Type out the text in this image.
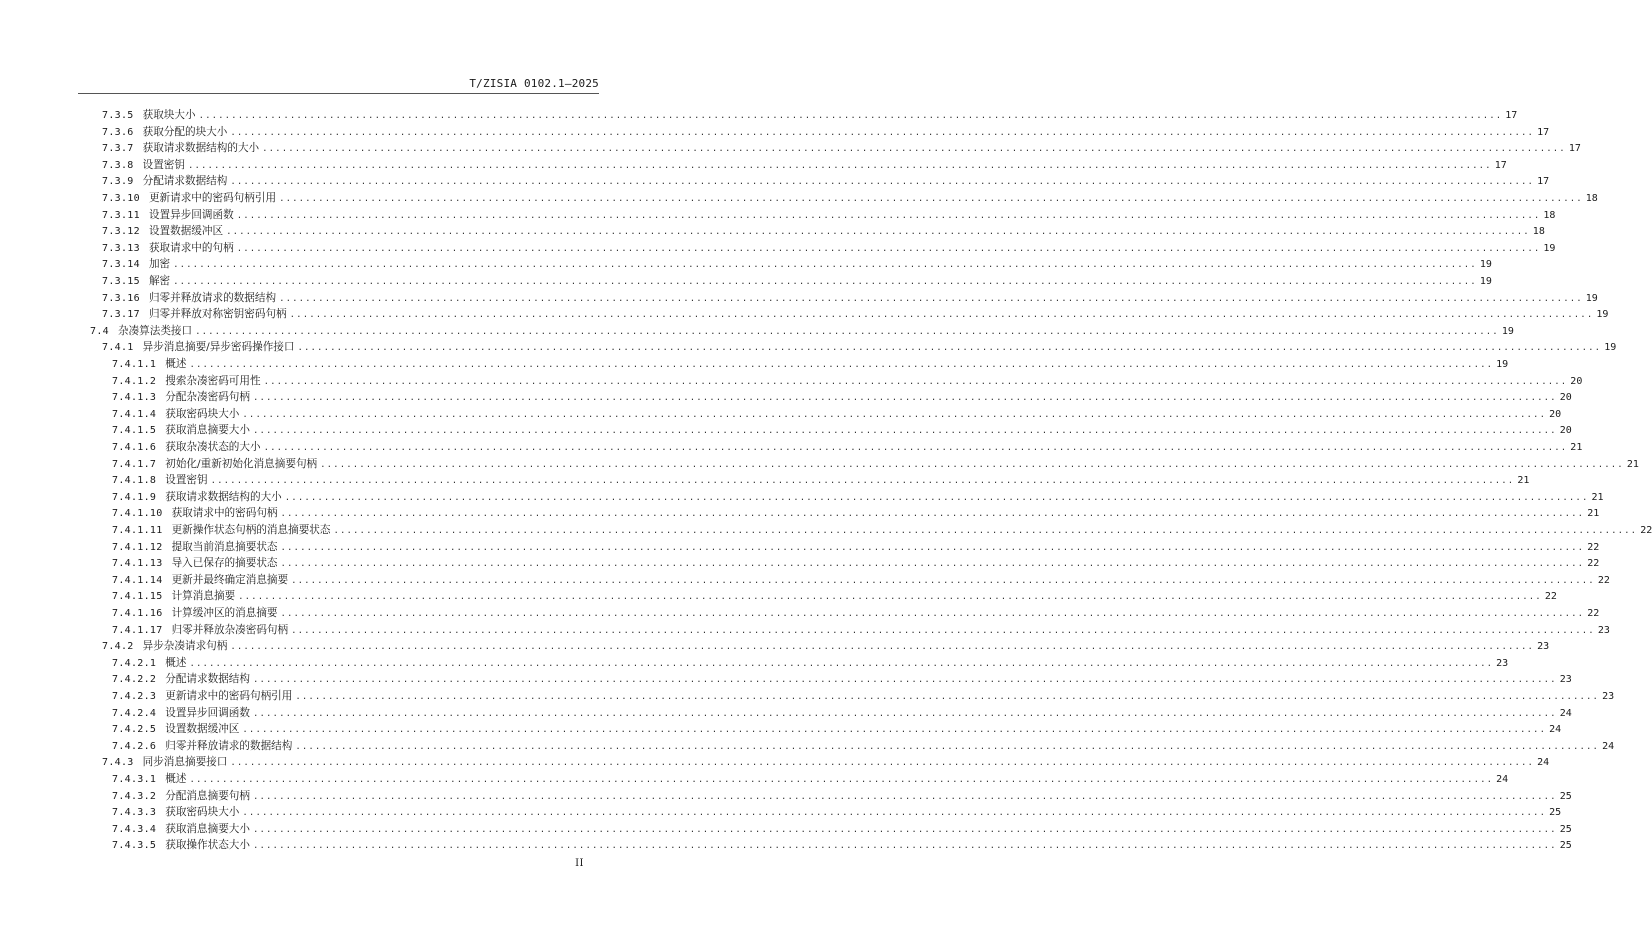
T/ZISIA 0102.1—2025
7.3.5 获取块大小 ........................................................................................................................................................................................................ 17
7.3.6 获取分配的块大小 ........................................................................................................................................................................................................ 17
7.3.7 获取请求数据结构的大小 ........................................................................................................................................................................................................ 17
7.3.8 设置密钥 ........................................................................................................................................................................................................ 17
7.3.9 分配请求数据结构 ........................................................................................................................................................................................................ 17
7.3.10 更新请求中的密码句柄引用 ........................................................................................................................................................................................................ 18
7.3.11 设置异步回调函数 ........................................................................................................................................................................................................ 18
7.3.12 设置数据缓冲区 ........................................................................................................................................................................................................ 18
7.3.13 获取请求中的句柄 ........................................................................................................................................................................................................ 19
7.3.14 加密 ........................................................................................................................................................................................................ 19
7.3.15 解密 ........................................................................................................................................................................................................ 19
7.3.16 归零并释放请求的数据结构 ........................................................................................................................................................................................................ 19
7.3.17 归零并释放对称密钥密码句柄 ........................................................................................................................................................................................................ 19
7.4 杂凑算法类接口 ........................................................................................................................................................................................................ 19
7.4.1 异步消息摘要/异步密码操作接口 ........................................................................................................................................................................................................ 19
7.4.1.1 概述 ........................................................................................................................................................................................................ 19
7.4.1.2 搜索杂凑密码可用性 ........................................................................................................................................................................................................ 20
7.4.1.3 分配杂凑密码句柄 ........................................................................................................................................................................................................ 20
7.4.1.4 获取密码块大小 ........................................................................................................................................................................................................ 20
7.4.1.5 获取消息摘要大小 ........................................................................................................................................................................................................ 20
7.4.1.6 获取杂凑状态的大小 ........................................................................................................................................................................................................ 21
7.4.1.7 初始化/重新初始化消息摘要句柄 ........................................................................................................................................................................................................ 21
7.4.1.8 设置密钥 ........................................................................................................................................................................................................ 21
7.4.1.9 获取请求数据结构的大小 ........................................................................................................................................................................................................ 21
7.4.1.10 获取请求中的密码句柄 ........................................................................................................................................................................................................ 21
7.4.1.11 更新操作状态句柄的消息摘要状态 ........................................................................................................................................................................................................ 22
7.4.1.12 提取当前消息摘要状态 ........................................................................................................................................................................................................ 22
7.4.1.13 导入已保存的摘要状态 ........................................................................................................................................................................................................ 22
7.4.1.14 更新并最终确定消息摘要 ........................................................................................................................................................................................................ 22
7.4.1.15 计算消息摘要 ........................................................................................................................................................................................................ 22
7.4.1.16 计算缓冲区的消息摘要 ........................................................................................................................................................................................................ 22
7.4.1.17 归零并释放杂凑密码句柄 ........................................................................................................................................................................................................ 23
7.4.2 异步杂凑请求句柄 ........................................................................................................................................................................................................ 23
7.4.2.1 概述 ........................................................................................................................................................................................................ 23
7.4.2.2 分配请求数据结构 ........................................................................................................................................................................................................ 23
7.4.2.3 更新请求中的密码句柄引用 ........................................................................................................................................................................................................ 23
7.4.2.4 设置异步回调函数 ........................................................................................................................................................................................................ 24
7.4.2.5 设置数据缓冲区 ........................................................................................................................................................................................................ 24
7.4.2.6 归零并释放请求的数据结构 ........................................................................................................................................................................................................ 24
7.4.3 同步消息摘要接口 ........................................................................................................................................................................................................ 24
7.4.3.1 概述 ........................................................................................................................................................................................................ 24
7.4.3.2 分配消息摘要句柄 ........................................................................................................................................................................................................ 25
7.4.3.3 获取密码块大小 ........................................................................................................................................................................................................ 25
7.4.3.4 获取消息摘要大小 ........................................................................................................................................................................................................ 25
7.4.3.5 获取操作状态大小 ........................................................................................................................................................................................................ 25
II
